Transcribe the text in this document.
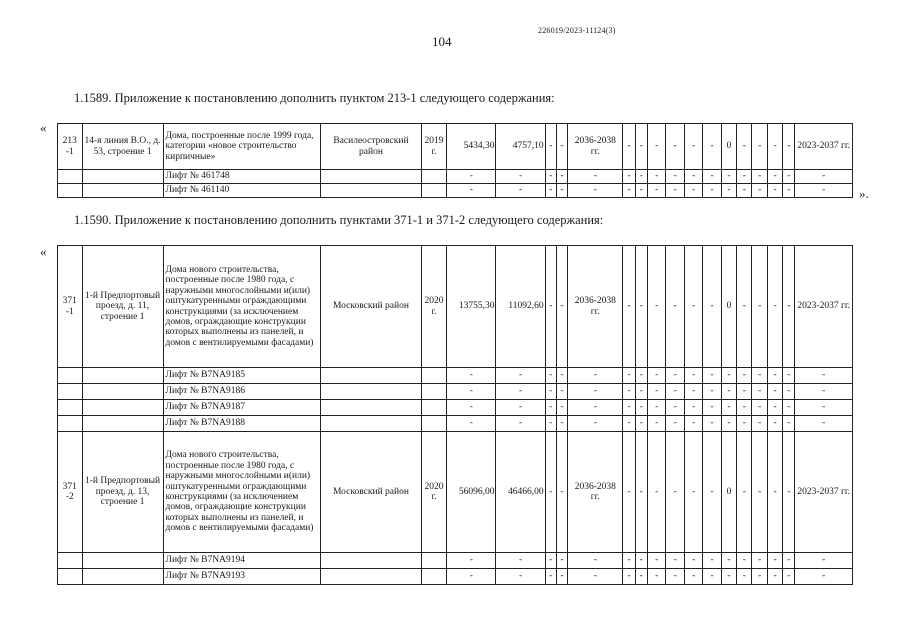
226019/2023-11124(3)
104
1.1589. Приложение к постановлению дополнить пунктом 213-1 следующего содержания:
«
».
213 -1	14-я линия В.О., д. 53, строение 1	Дома, построенные после 1999 года, категории «новое строительство кирпичные»	Василеостровский район	2019 г.	5434,30	4757,10	-	-	2036-2038 гг.	-	-	-	-	-	-	0	-	-	-	-	2023-2037 гг.
		Лифт № 461748			-	-	-	-	-	-	-	-	-	-	-	-	-	-	-	-	-
		Лифт № 461140			-	-	-	-	-	-	-	-	-	-	-	-	-	-	-	-	-
1.1590. Приложение к постановлению дополнить пунктами 371-1 и 371-2 следующего содержания:
«
371 -1	1-й Предпортовый проезд, д. 11, строение 1	Дома нового строительства, построенные после 1980 года, с наружными многослойными и(или) оштукатуренными ограждающими конструкциями (за исключением домов, ограждающие конструкции которых выполнены из панелей, и домов с вентилируемыми фасадами)	Московский район	2020 г.	13755,30	11092,60	-	-	2036-2038 гг.	-	-	-	-	-	-	0	-	-	-	-	2023-2037 гг.
		Лифт № B7NA9185			-	-	-	-	-	-	-	-	-	-	-	-	-	-	-	-	-
		Лифт № B7NA9186			-	-	-	-	-	-	-	-	-	-	-	-	-	-	-	-	-
		Лифт № B7NA9187			-	-	-	-	-	-	-	-	-	-	-	-	-	-	-	-	-
		Лифт № B7NA9188			-	-	-	-	-	-	-	-	-	-	-	-	-	-	-	-	-
371 -2	1-й Предпортовый проезд, д. 13, строение 1	Дома нового строительства, построенные после 1980 года, с наружными многослойными и(или) оштукатуренными ограждающими конструкциями (за исключением домов, ограждающие конструкции которых выполнены из панелей, и домов с вентилируемыми фасадами)	Московский район	2020 г.	56096,00	46466,00	-	-	2036-2038 гг.	-	-	-	-	-	-	0	-	-	-	-	2023-2037 гг.
		Лифт № B7NA9194			-	-	-	-	-	-	-	-	-	-	-	-	-	-	-	-	-
		Лифт № B7NA9193			-	-	-	-	-	-	-	-	-	-	-	-	-	-	-	-	-
